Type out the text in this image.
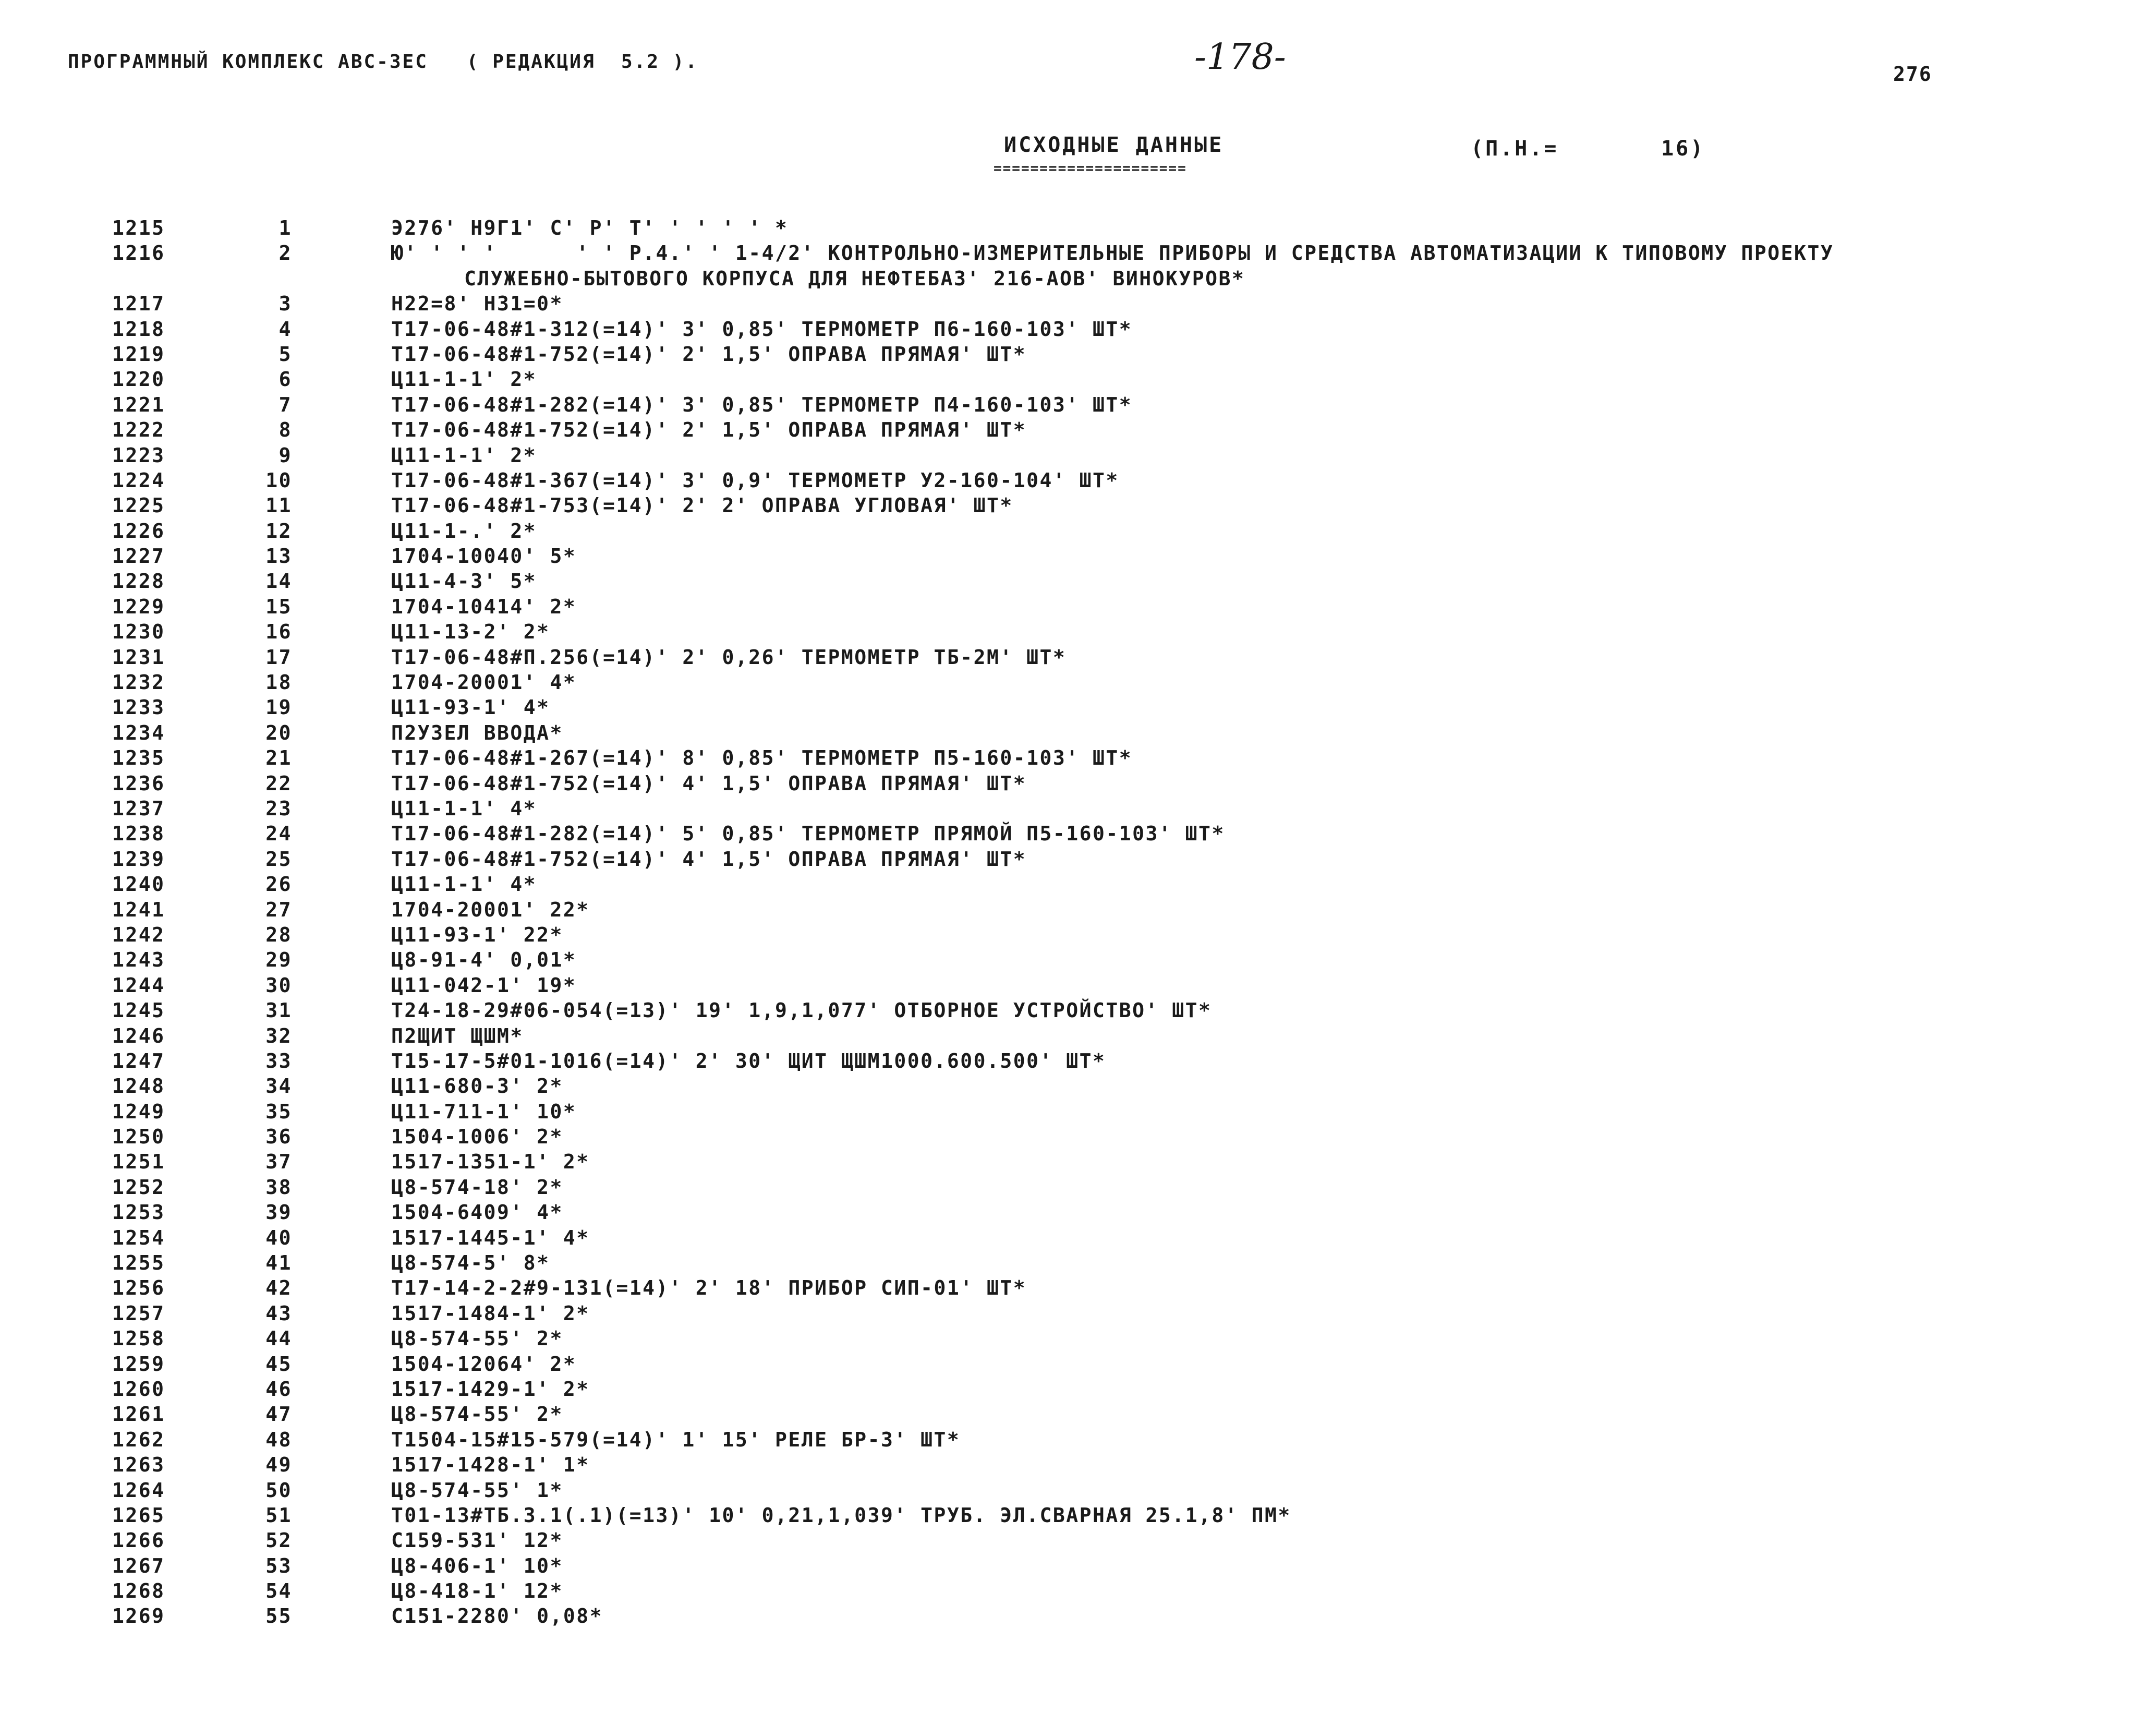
ПРОГРАММНЫЙ КОМПЛЕКС АВС-ЗЕС   ( РЕДАКЦИЯ  5.2 ).	-178-	276
ИСХОДНЫЕ ДАННЫЕ
=====================
(П.Н.=       16)
1215	1	Э276' Н9Г1' С' Р' Т' ' ' ' ' *
1216	2	Ю' ' ' '      ' ' Р.4.' ' 1-4/2' КОНТРОЛЬНО-ИЗМЕРИТЕЛЬНЫЕ ПРИБОРЫ И СРЕДСТВА АВТОМАТИЗАЦИИ К ТИПОВОМУ ПРОЕКТУ
СЛУЖЕБНО-БЫТОВОГО КОРПУСА ДЛЯ НЕФТЕБАЗ' 216-АОВ' ВИНОКУРОВ*
1217	3	Н22=8' Н31=0*
1218	4	Т17-06-48#1-312(=14)' 3' 0,85' ТЕРМОМЕТР П6-160-103' ШТ*
1219	5	Т17-06-48#1-752(=14)' 2' 1,5' ОПРАВА ПРЯМАЯ' ШТ*
1220	6	Ц11-1-1' 2*
1221	7	Т17-06-48#1-282(=14)' 3' 0,85' ТЕРМОМЕТР П4-160-103' ШТ*
1222	8	Т17-06-48#1-752(=14)' 2' 1,5' ОПРАВА ПРЯМАЯ' ШТ*
1223	9	Ц11-1-1' 2*
1224	10	Т17-06-48#1-367(=14)' 3' 0,9' ТЕРМОМЕТР У2-160-104' ШТ*
1225	11	Т17-06-48#1-753(=14)' 2' 2' ОПРАВА УГЛОВАЯ' ШТ*
1226	12	Ц11-1-.' 2*
1227	13	1704-10040' 5*
1228	14	Ц11-4-3' 5*
1229	15	1704-10414' 2*
1230	16	Ц11-13-2' 2*
1231	17	Т17-06-48#П.256(=14)' 2' 0,26' ТЕРМОМЕТР ТБ-2М' ШТ*
1232	18	1704-20001' 4*
1233	19	Ц11-93-1' 4*
1234	20	П2УЗЕЛ ВВОДА*
1235	21	Т17-06-48#1-267(=14)' 8' 0,85' ТЕРМОМЕТР П5-160-103' ШТ*
1236	22	Т17-06-48#1-752(=14)' 4' 1,5' ОПРАВА ПРЯМАЯ' ШТ*
1237	23	Ц11-1-1' 4*
1238	24	Т17-06-48#1-282(=14)' 5' 0,85' ТЕРМОМЕТР ПРЯМОЙ П5-160-103' ШТ*
1239	25	Т17-06-48#1-752(=14)' 4' 1,5' ОПРАВА ПРЯМАЯ' ШТ*
1240	26	Ц11-1-1' 4*
1241	27	1704-20001' 22*
1242	28	Ц11-93-1' 22*
1243	29	Ц8-91-4' 0,01*
1244	30	Ц11-042-1' 19*
1245	31	Т24-18-29#06-054(=13)' 19' 1,9,1,077' ОТБОРНОЕ УСТРОЙСТВО' ШТ*
1246	32	П2ЩИТ ЩШМ*
1247	33	Т15-17-5#01-1016(=14)' 2' 30' ЩИТ ЩШМ1000.600.500' ШТ*
1248	34	Ц11-680-3' 2*
1249	35	Ц11-711-1' 10*
1250	36	1504-1006' 2*
1251	37	1517-1351-1' 2*
1252	38	Ц8-574-18' 2*
1253	39	1504-6409' 4*
1254	40	1517-1445-1' 4*
1255	41	Ц8-574-5' 8*
1256	42	Т17-14-2-2#9-131(=14)' 2' 18' ПРИБОР СИП-01' ШТ*
1257	43	1517-1484-1' 2*
1258	44	Ц8-574-55' 2*
1259	45	1504-12064' 2*
1260	46	1517-1429-1' 2*
1261	47	Ц8-574-55' 2*
1262	48	Т1504-15#15-579(=14)' 1' 15' РЕЛЕ БР-3' ШТ*
1263	49	1517-1428-1' 1*
1264	50	Ц8-574-55' 1*
1265	51	Т01-13#ТБ.3.1(.1)(=13)' 10' 0,21,1,039' ТРУБ. ЭЛ.СВАРНАЯ 25.1,8' ПМ*
1266	52	С159-531' 12*
1267	53	Ц8-406-1' 10*
1268	54	Ц8-418-1' 12*
1269	55	С151-2280' 0,08*
